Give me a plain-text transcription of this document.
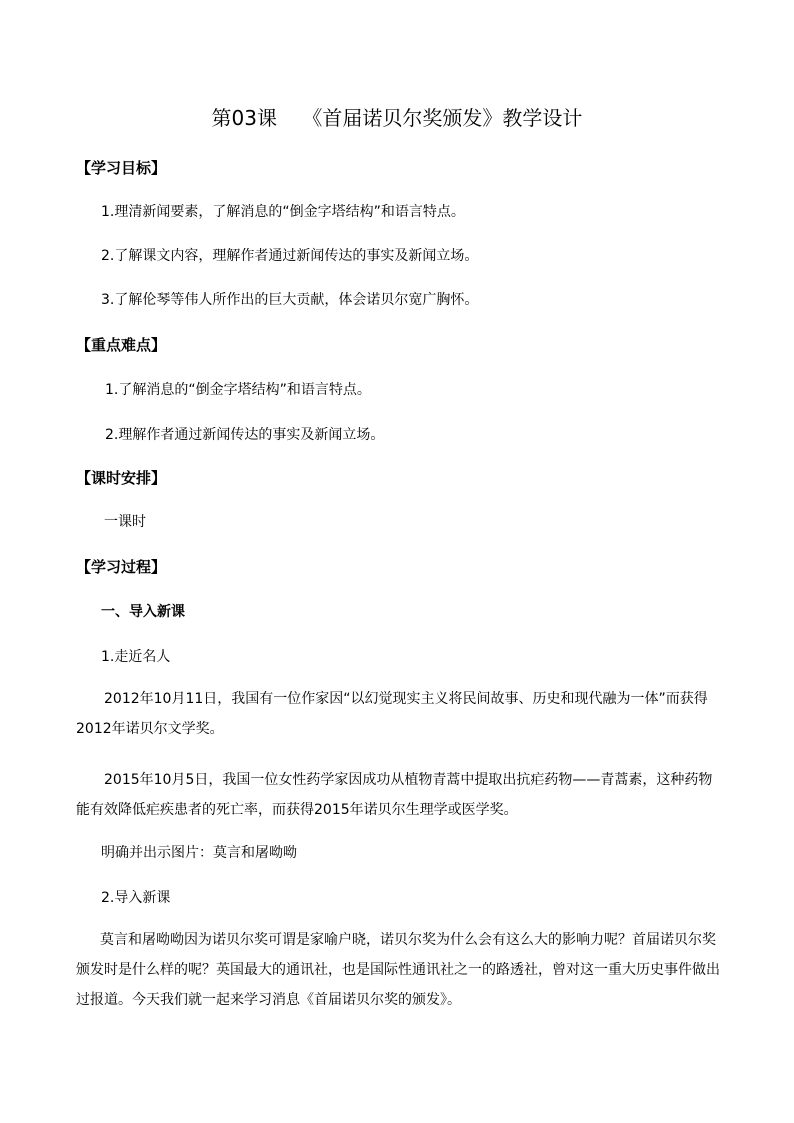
第03课    《首届诺贝尔奖颁发》教学设计
【学习目标】
1.理清新闻要素，了解消息的“倒金字塔结构”和语言特点。
2.了解课文内容，理解作者通过新闻传达的事实及新闻立场。
3.了解伦琴等伟人所作出的巨大贡献，体会诺贝尔宽广胸怀。
【重点难点】
1.了解消息的“倒金字塔结构”和语言特点。
2.理解作者通过新闻传达的事实及新闻立场。
【课时安排】
一课时
【学习过程】
一、导入新课
1.走近名人
2012年10月11日，我国有一位作家因“以幻觉现实主义将民间故事、历史和现代融为一体”而获得2012年诺贝尔文学奖。
2015年10月5日，我国一位女性药学家因成功从植物青蒿中提取出抗疟药物——青蒿素，这种药物能有效降低疟疾患者的死亡率，而获得2015年诺贝尔生理学或医学奖。
明确并出示图片：莫言和屠呦呦
2.导入新课
莫言和屠呦呦因为诺贝尔奖可谓是家喻户晓，诺贝尔奖为什么会有这么大的影响力呢？首届诺贝尔奖颁发时是什么样的呢？英国最大的通讯社，也是国际性通讯社之一的路透社，曾对这一重大历史事件做出过报道。今天我们就一起来学习消息《首届诺贝尔奖的颁发》。
